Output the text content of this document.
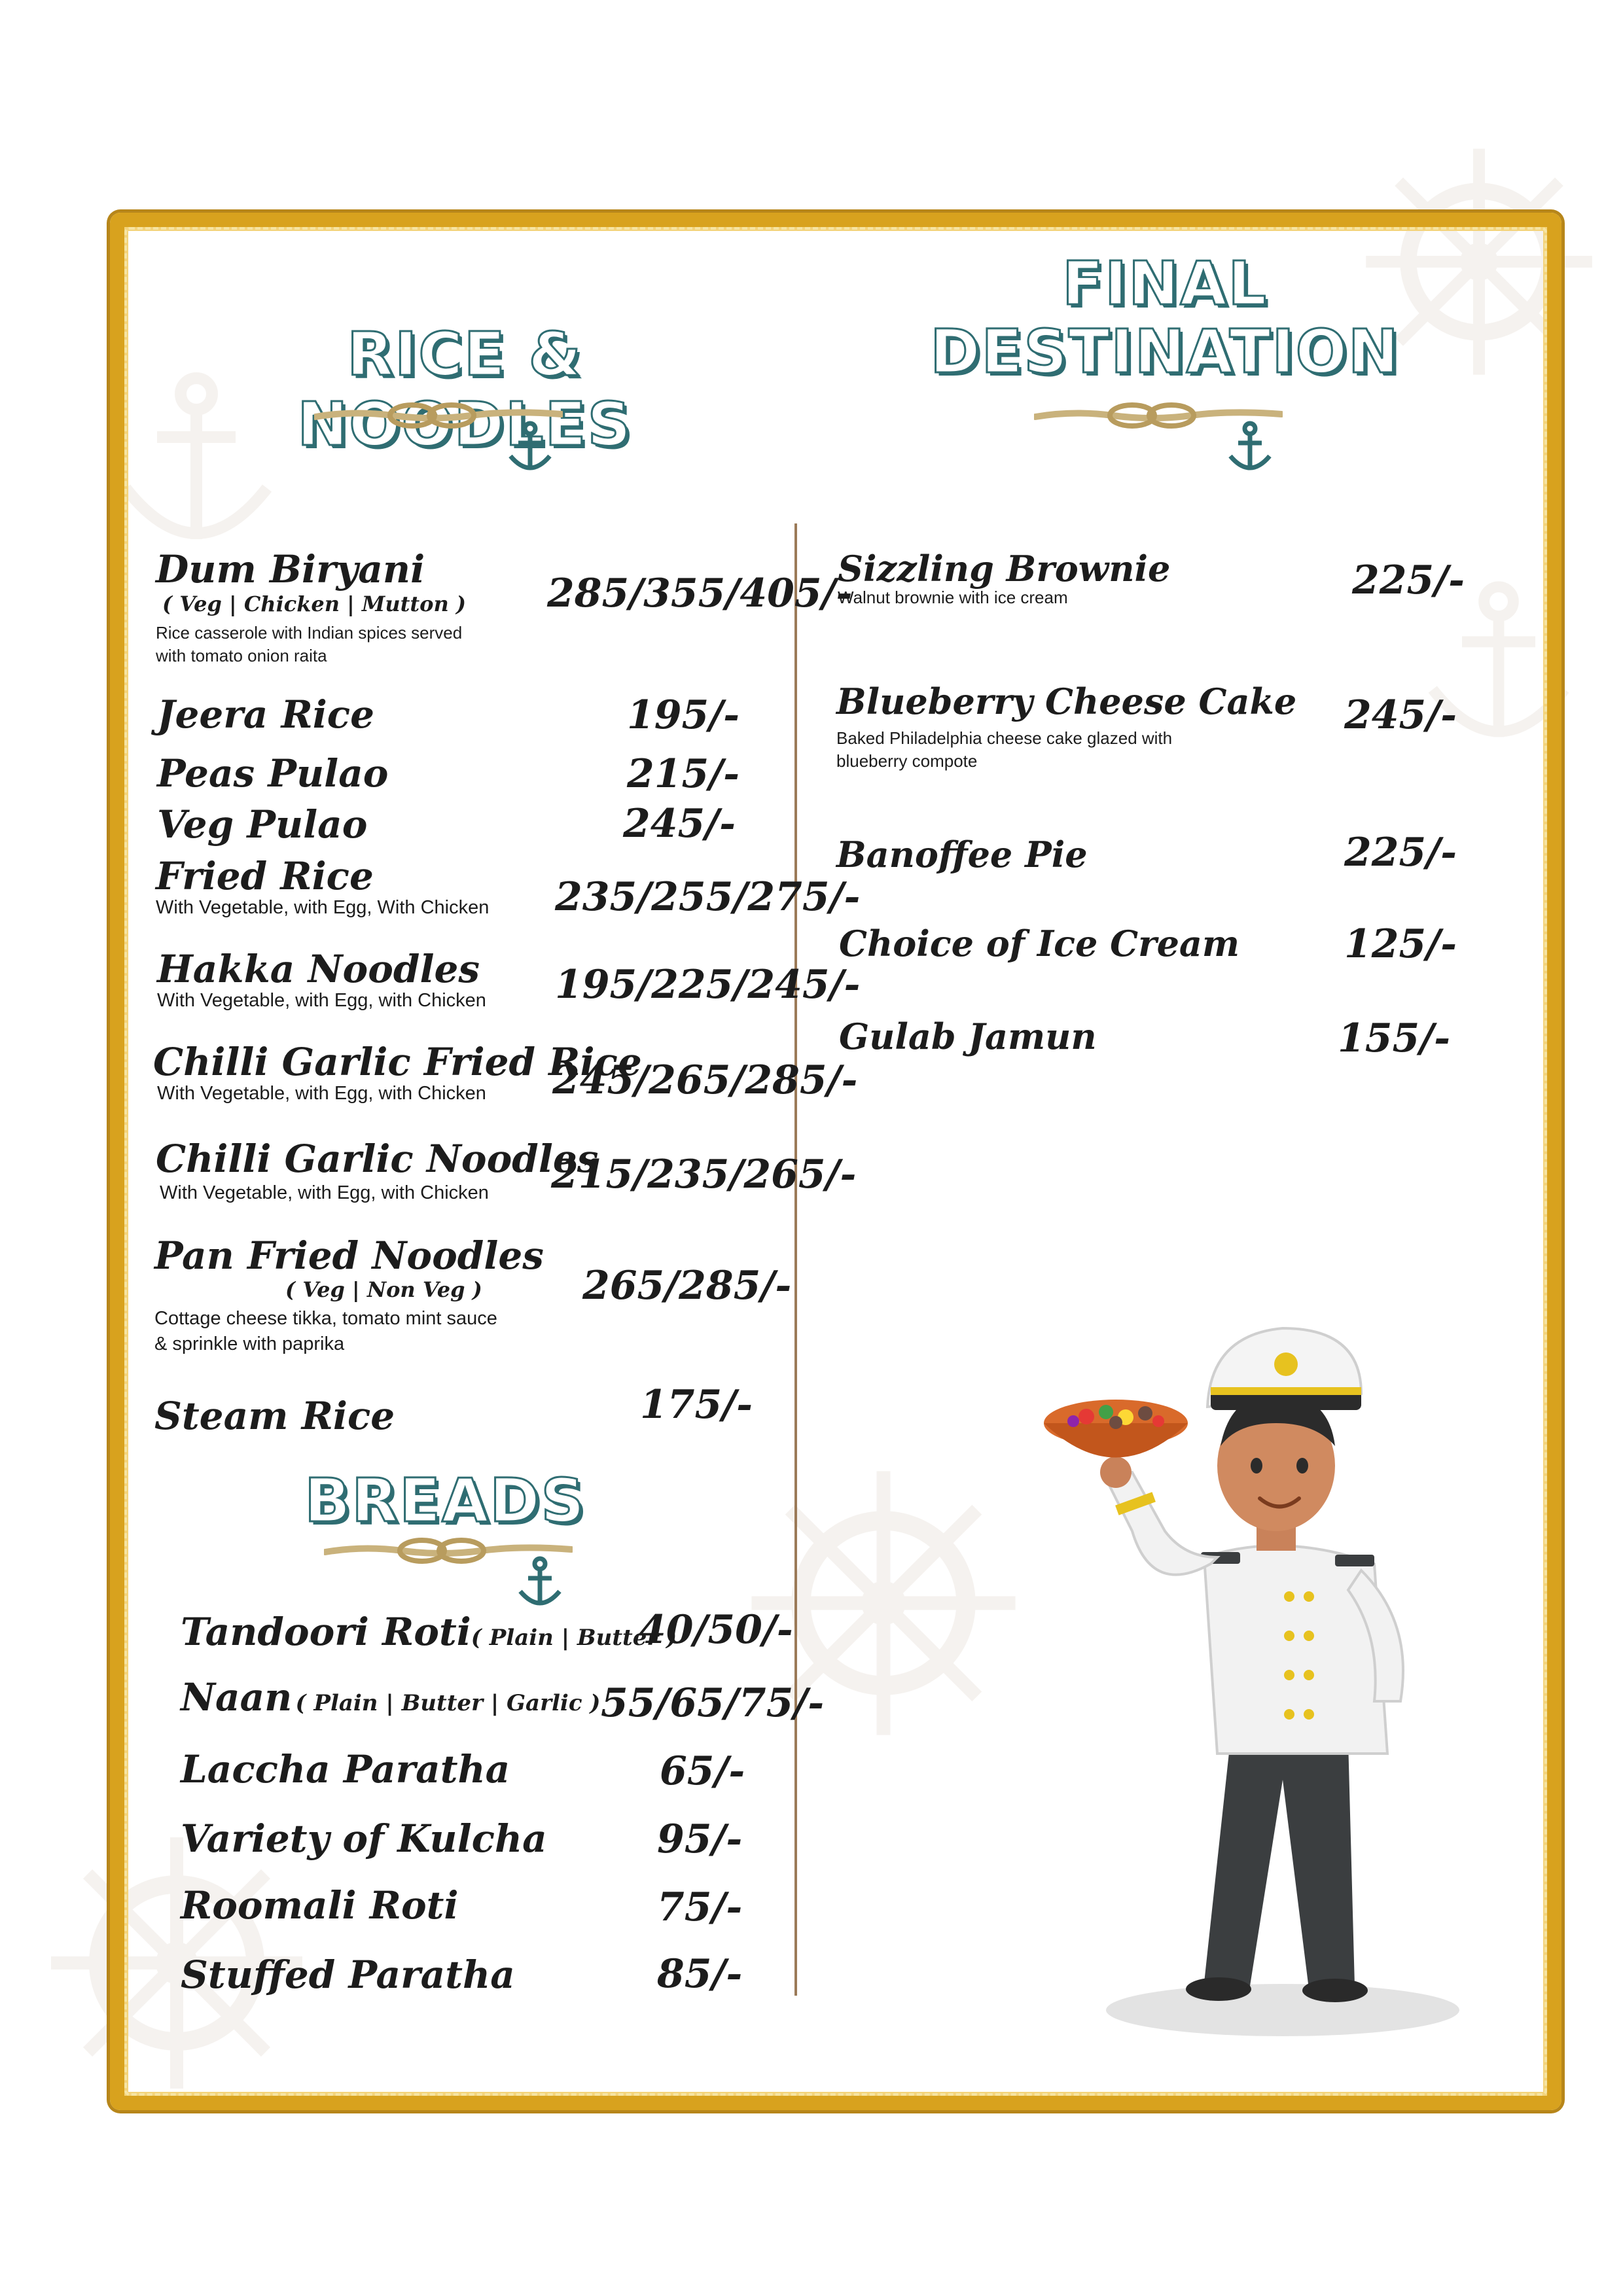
RICE & NOODLES
FINAL
DESTINATION
BREADS
Dum Biryani
( Veg | Chicken | Mutton )
Rice casserole with Indian spices served
with tomato onion raita
285/355/405/-
Jeera Rice	195/-
Peas Pulao	215/-
Veg Pulao	245/-
Fried Rice
With Vegetable, with Egg, With Chicken 235/255/275/-
Hakka Noodles
With Vegetable, with Egg, with Chicken 195/225/245/-
Chilli Garlic Fried Rice
With Vegetable, with Egg, with Chicken	245/265/285/-
Chilli Garlic Noodles
With Vegetable, with Egg, with Chicken	215/235/265/-
Pan Fried Noodles
( Veg | Non Veg )
Cottage cheese tikka, tomato mint sauce
& sprinkle with paprika
265/285/-
Steam Rice	175/-
Tandoori Roti( Plain | Butter )
40/50/-
Naan ( Plain | Butter | Garlic ) 55/65/75/-
Laccha Paratha	65/-
Variety of Kulcha	95/-
Roomali Roti	75/-
Stuffed Paratha	85/-
Sizzling Brownie
Walnut brownie with ice cream	225/-
Blueberry Cheese Cake
Baked Philadelphia cheese cake glazed with
blueberry compote
245/-
Banoffee Pie	225/-
Choice of Ice Cream	125/-
Gulab Jamun	155/-
